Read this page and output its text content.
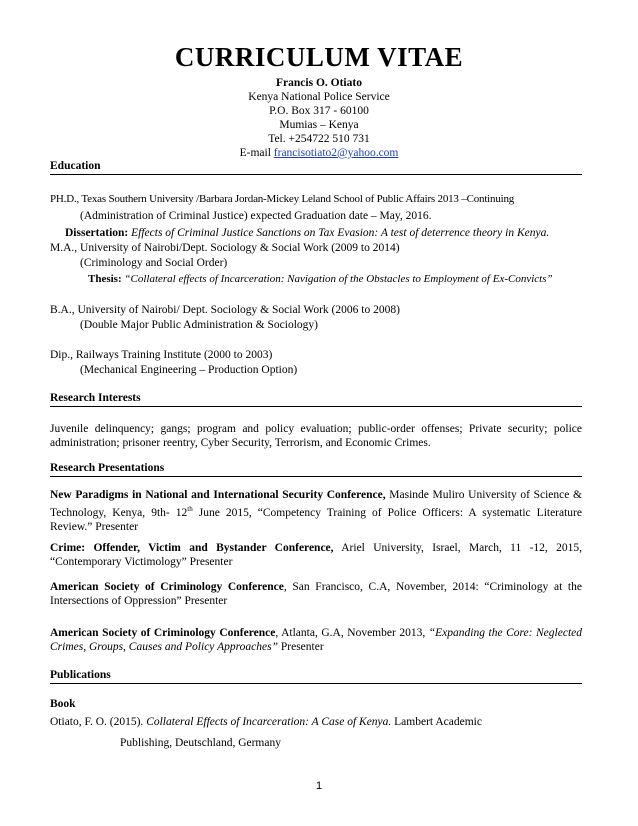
CURRICULUM VITAE
Francis O. Otiato
Kenya National Police Service
P.O. Box 317 - 60100
Mumias – Kenya
Tel. +254722 510 731
E-mail francisotiato2@yahoo.com
Education
PH.D., Texas Southern University /Barbara Jordan-Mickey Leland School of Public Affairs 2013 –Continuing
(Administration of Criminal Justice) expected Graduation date – May, 2016.
Dissertation: Effects of Criminal Justice Sanctions on Tax Evasion: A test of deterrence theory in Kenya.
M.A., University of Nairobi/Dept. Sociology & Social Work (2009 to 2014)
(Criminology and Social Order)
Thesis: “Collateral effects of Incarceration: Navigation of the Obstacles to Employment of Ex-Convicts”
B.A., University of Nairobi/ Dept. Sociology & Social Work (2006 to 2008)
(Double Major Public Administration & Sociology)
Dip., Railways Training Institute (2000 to 2003)
(Mechanical Engineering – Production Option)
Research Interests
Juvenile delinquency; gangs; program and policy evaluation; public-order offenses; Private security; police administration; prisoner reentry, Cyber Security, Terrorism, and Economic Crimes.
Research Presentations
New Paradigms in National and International Security Conference, Masinde Muliro University of Science & Technology, Kenya, 9th- 12th June 2015, “Competency Training of Police Officers: A systematic Literature Review.” Presenter
Crime: Offender, Victim and Bystander Conference, Ariel University, Israel, March, 11 -12, 2015, “Contemporary Victimology” Presenter
American Society of Criminology Conference, San Francisco, C.A, November, 2014: “Criminology at the Intersections of Oppression” Presenter
American Society of Criminology Conference, Atlanta, G.A, November 2013, “Expanding the Core: Neglected Crimes, Groups, Causes and Policy Approaches” Presenter
Publications
Book
Otiato, F. O. (2015). Collateral Effects of Incarceration: A Case of Kenya. Lambert Academic
Publishing, Deutschland, Germany
1
